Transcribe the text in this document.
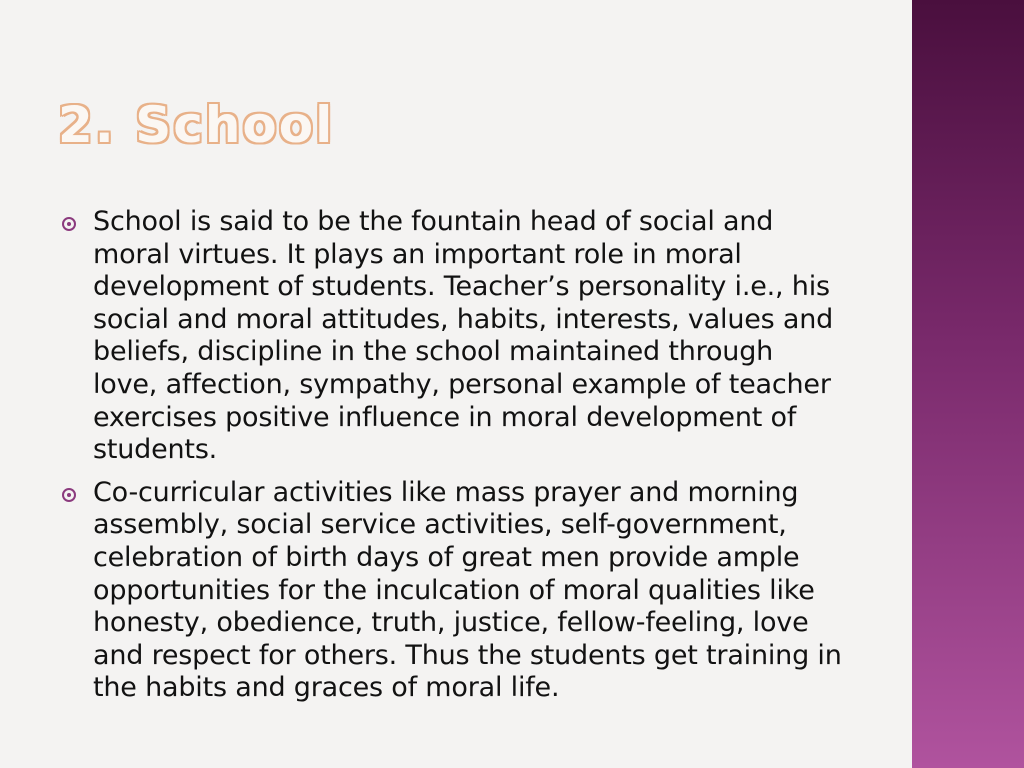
2. School
School is said to be the fountain head of social and
moral virtues. It plays an important role in moral
development of students. Teacher’s personality i.e., his
social and moral attitudes, habits, interests, values and
beliefs, discipline in the school maintained through
love, affection, sympathy, personal example of teacher
exercises positive influence in moral development of
students.
Co-curricular activities like mass prayer and morning
assembly, social service activities, self-government,
celebration of birth days of great men provide ample
opportunities for the inculcation of moral qualities like
honesty, obedience, truth, justice, fellow-feeling, love
and respect for others. Thus the students get training in
the habits and graces of moral life.
